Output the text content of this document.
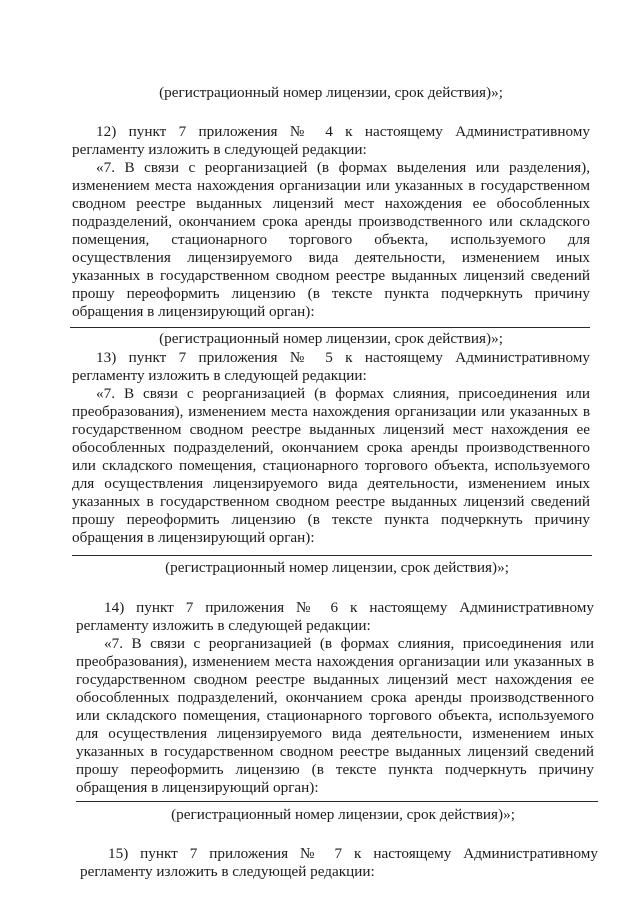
(регистрационный номер лицензии, срок действия)»;
12) пункт 7 приложения № 4 к настоящему Административному
регламенту изложить в следующей редакции:
«7. В связи с реорганизацией (в формах выделения или разделения),
изменением места нахождения организации или указанных в государственном
сводном реестре выданных лицензий мест нахождения ее обособленных
подразделений, окончанием срока аренды производственного или складского
помещения, стационарного торгового объекта, используемого для
осуществления лицензируемого вида деятельности, изменением иных
указанных в государственном сводном реестре выданных лицензий сведений
прошу переоформить лицензию (в тексте пункта подчеркнуть причину
обращения в лицензирующий орган):
(регистрационный номер лицензии, срок действия)»;
13) пункт 7 приложения № 5 к настоящему Административному
регламенту изложить в следующей редакции:
«7. В связи с реорганизацией (в формах слияния, присоединения или
преобразования), изменением места нахождения организации или указанных в
государственном сводном реестре выданных лицензий мест нахождения ее
обособленных подразделений, окончанием срока аренды производственного
или складского помещения, стационарного торгового объекта, используемого
для осуществления лицензируемого вида деятельности, изменением иных
указанных в государственном сводном реестре выданных лицензий сведений
прошу переоформить лицензию (в тексте пункта подчеркнуть причину
обращения в лицензирующий орган):
(регистрационный номер лицензии, срок действия)»;
14) пункт 7 приложения № 6 к настоящему Административному
регламенту изложить в следующей редакции:
«7. В связи с реорганизацией (в формах слияния, присоединения или
преобразования), изменением места нахождения организации или указанных в
государственном сводном реестре выданных лицензий мест нахождения ее
обособленных подразделений, окончанием срока аренды производственного
или складского помещения, стационарного торгового объекта, используемого
для осуществления лицензируемого вида деятельности, изменением иных
указанных в государственном сводном реестре выданных лицензий сведений
прошу переоформить лицензию (в тексте пункта подчеркнуть причину
обращения в лицензирующий орган):
(регистрационный номер лицензии, срок действия)»;
15) пункт 7 приложения № 7 к настоящему Административному
регламенту изложить в следующей редакции:
